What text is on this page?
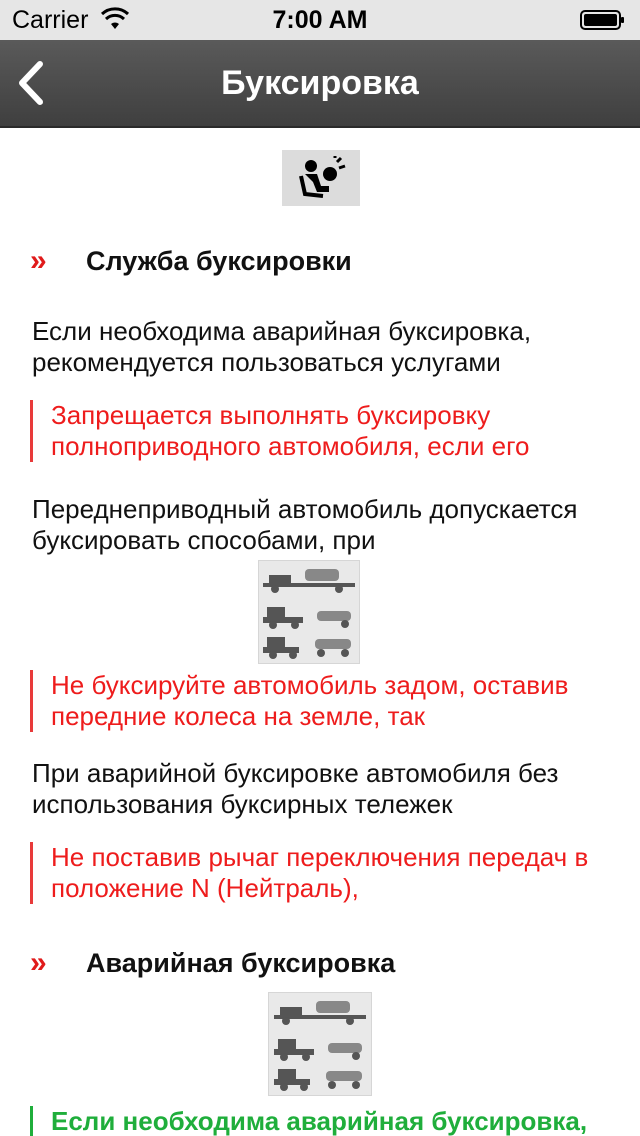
Carrier	7:00 AM
Буксировка
»	Служба буксировки
Если необходима аварийная буксировка, рекомендуется пользоваться услугами
Запрещается выполнять буксировку полноприводного автомобиля, если его
Переднеприводный автомобиль допускается буксировать способами, при
Не буксируйте автомобиль задом, оставив передние колеса на земле, так
При аварийной буксировке автомобиля без использования буксирных тележек
Не поставив рычаг переключения передач в положение N (Нейтраль),
»	Аварийная буксировка
Если необходима аварийная буксировка,
